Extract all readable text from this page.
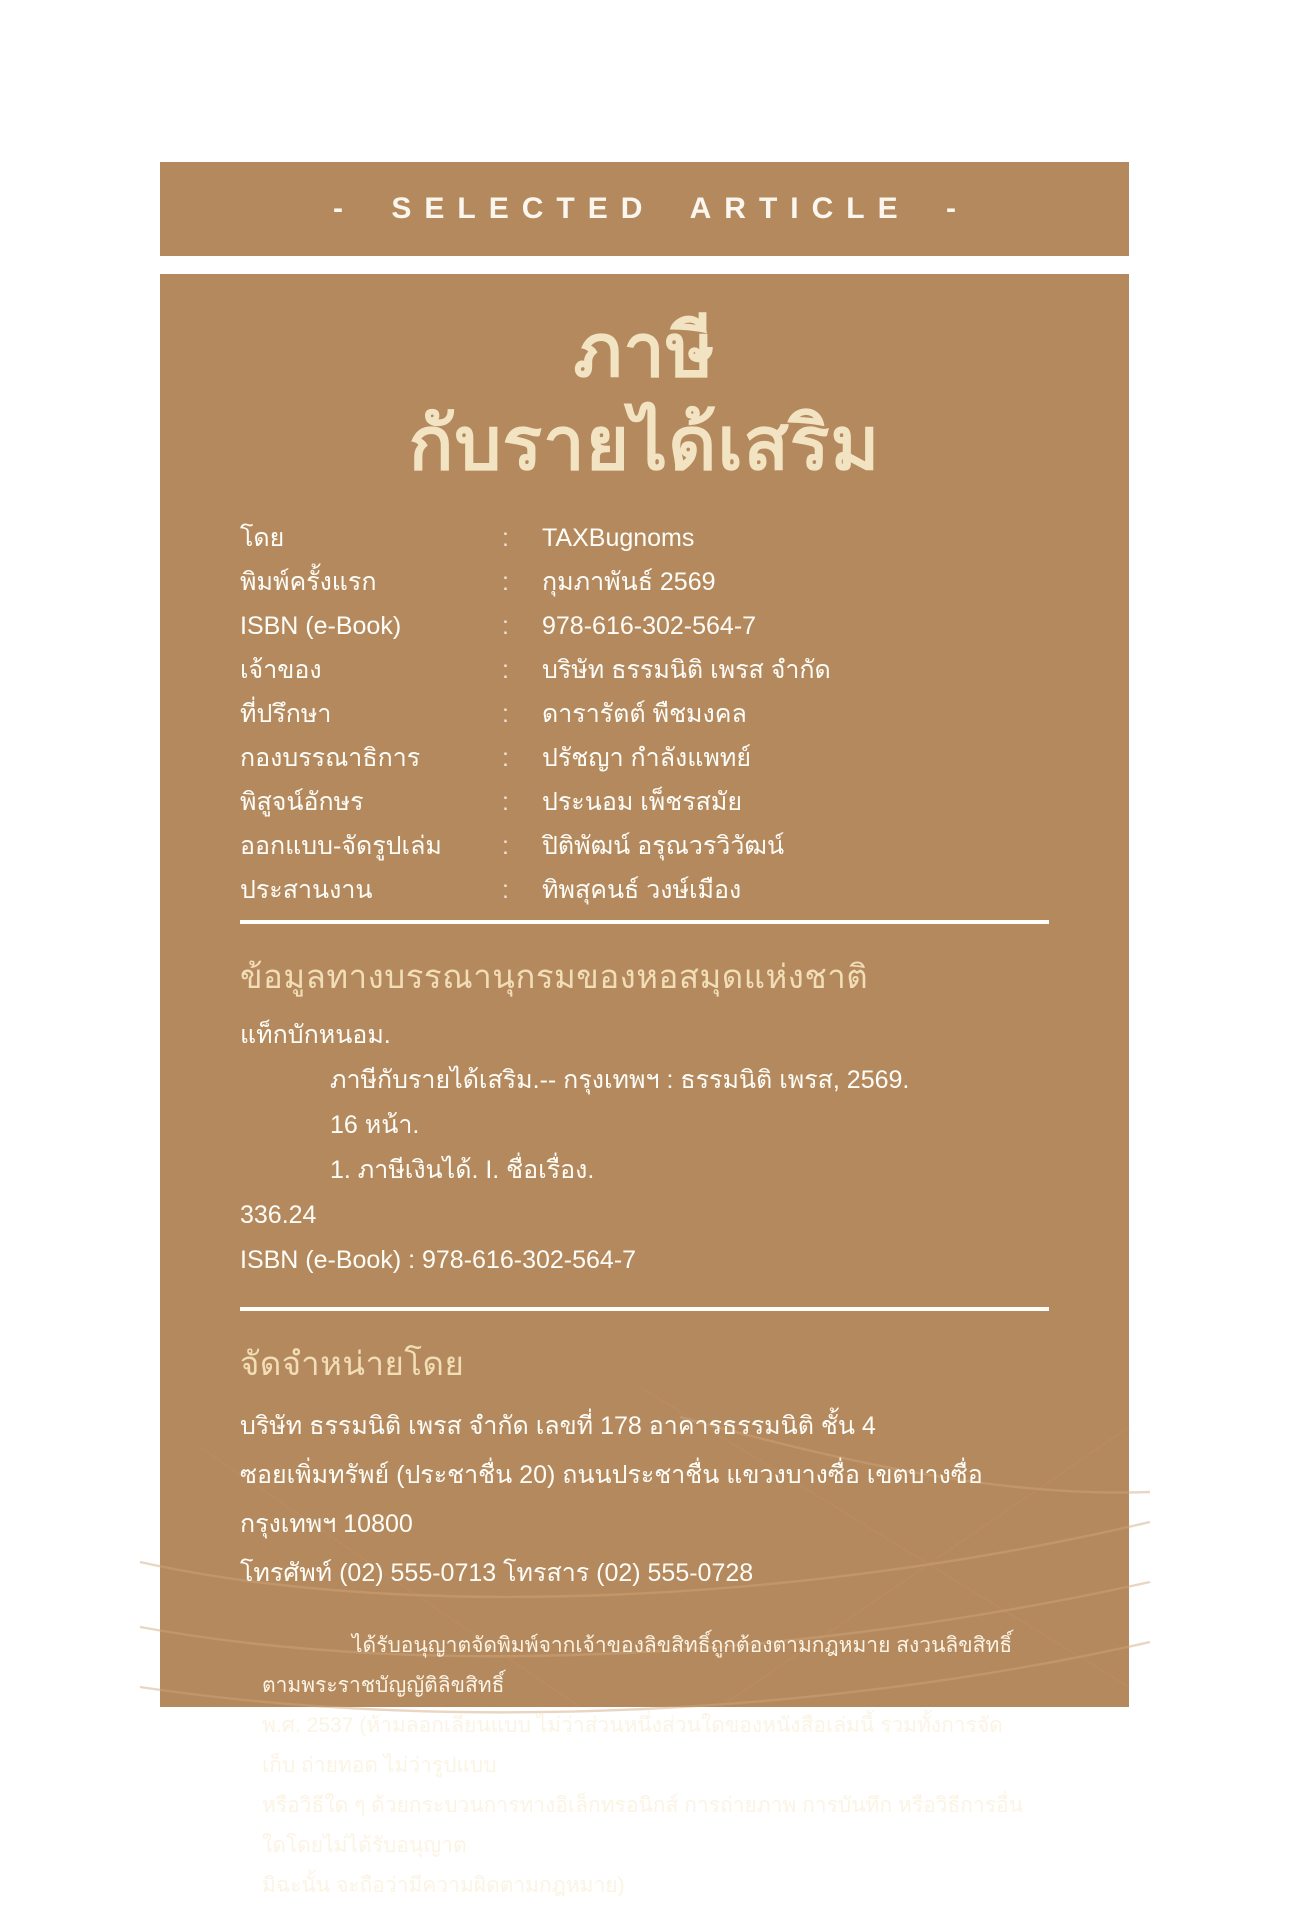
- SELECTED ARTICLE -
ภาษี
กับรายได้เสริม
โดย	:	TAXBugnoms
พิมพ์ครั้งแรก	:	กุมภาพันธ์ 2569
ISBN (e-Book)	:	978-616-302-564-7
เจ้าของ	:	บริษัท ธรรมนิติ เพรส จำกัด
ที่ปรึกษา	:	ดารารัตต์ พืชมงคล
กองบรรณาธิการ	:	ปรัชญา กำลังแพทย์
พิสูจน์อักษร	:	ประนอม เพ็ชรสมัย
ออกแบบ-จัดรูปเล่ม	:	ปิติพัฒน์ อรุณวรวิวัฒน์
ประสานงาน	:	ทิพสุคนธ์ วงษ์เมือง
ข้อมูลทางบรรณานุกรมของหอสมุดแห่งชาติ
แท็กบักหนอม.
ภาษีกับรายได้เสริม.-- กรุงเทพฯ : ธรรมนิติ เพรส, 2569.
16 หน้า.
1. ภาษีเงินได้. I. ชื่อเรื่อง.
336.24
ISBN (e-Book) : 978-616-302-564-7
จัดจำหน่ายโดย
บริษัท ธรรมนิติ เพรส จำกัด เลขที่ 178 อาคารธรรมนิติ ชั้น 4
ซอยเพิ่มทรัพย์ (ประชาชื่น 20) ถนนประชาชื่น แขวงบางซื่อ เขตบางซื่อ กรุงเทพฯ 10800
โทรศัพท์ (02) 555-0713 โทรสาร (02) 555-0728
ได้รับอนุญาตจัดพิมพ์จากเจ้าของลิขสิทธิ์ถูกต้องตามกฎหมาย สงวนลิขสิทธิ์ตามพระราชบัญญัติลิขสิทธิ์
พ.ศ. 2537 (ห้ามลอกเลียนแบบ ไม่ว่าส่วนหนึ่งส่วนใดของหนังสือเล่มนี้ รวมทั้งการจัดเก็บ ถ่ายทอด ไม่ว่ารูปแบบ
หรือวิธีใด ๆ ด้วยกระบวนการทางอิเล็กทรอนิกส์ การถ่ายภาพ การบันทึก หรือวิธีการอื่นใดโดยไม่ได้รับอนุญาต
มิฉะนั้น จะถือว่ามีความผิดตามกฎหมาย)
